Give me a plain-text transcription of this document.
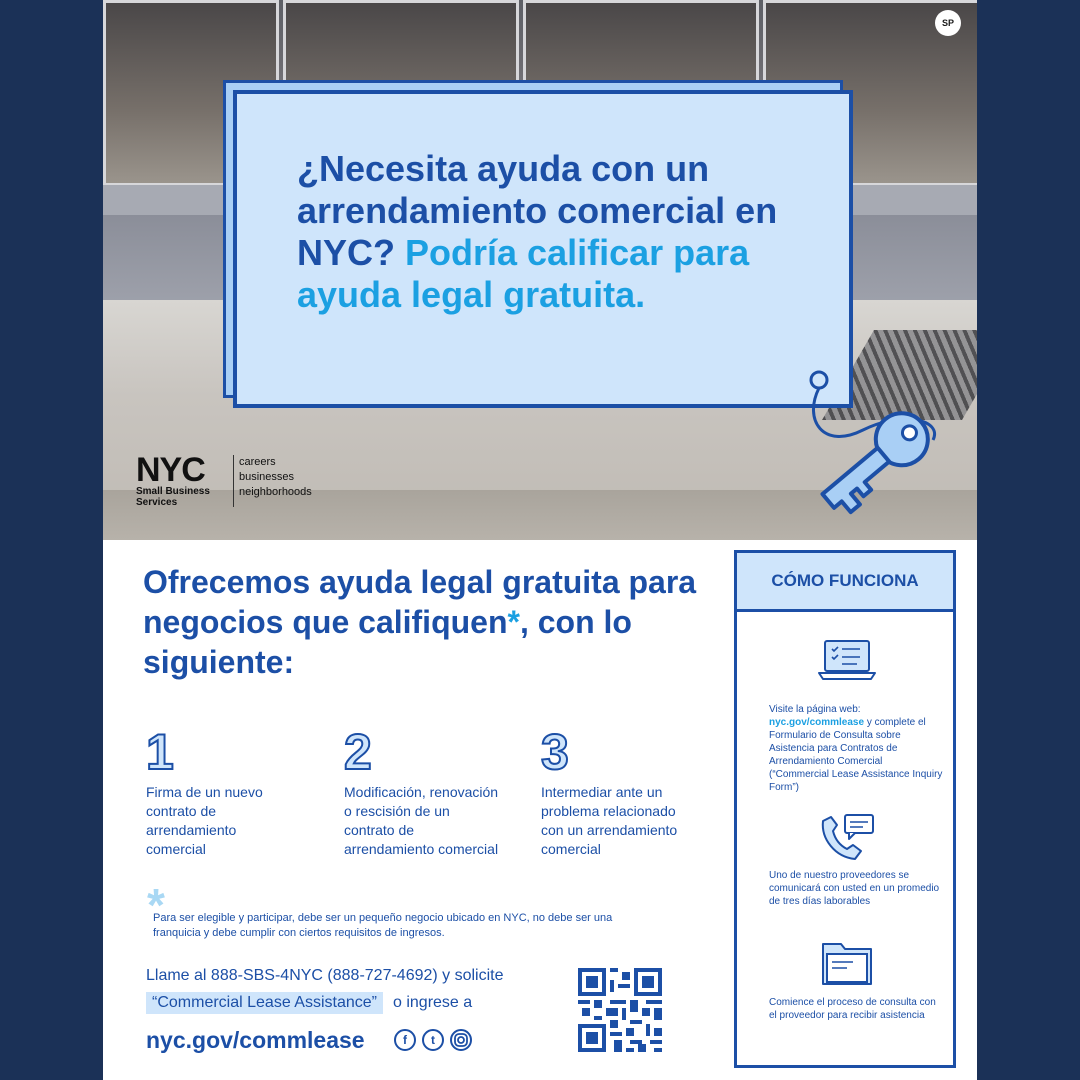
SP
¿Necesita ayuda con un arrendamiento comercial en NYC? Podría calificar para ayuda legal gratuita.
NYC
Small Business Services
careers
businesses
neighborhoods
Ofrecemos ayuda legal gratuita para negocios que califiquen*, con lo siguiente:
1
Firma de un nuevo contrato de arrendamiento comercial
2
Modificación, renovación o rescisión de un contrato de arrendamiento comercial
3
Intermediar ante un problema relacionado con un arrendamiento comercial
*
Para ser elegible y participar, debe ser un pequeño negocio ubicado en NYC, no debe ser una franquicia y debe cumplir con ciertos requisitos de ingresos.
Llame al 888-SBS-4NYC (888-727-4692) y solicite
“Commercial Lease Assistance”	o ingrese a
nyc.gov/commlease	f	t
CÓMO FUNCIONA
Visite la página web: nyc.gov/commlease y complete el Formulario de Consulta sobre Asistencia para Contratos de Arrendamiento Comercial (“Commercial Lease Assistance Inquiry Form”)
Uno de nuestro proveedores se comunicará con usted en un promedio de tres días laborables
Comience el proceso de consulta con el proveedor para recibir asistencia
